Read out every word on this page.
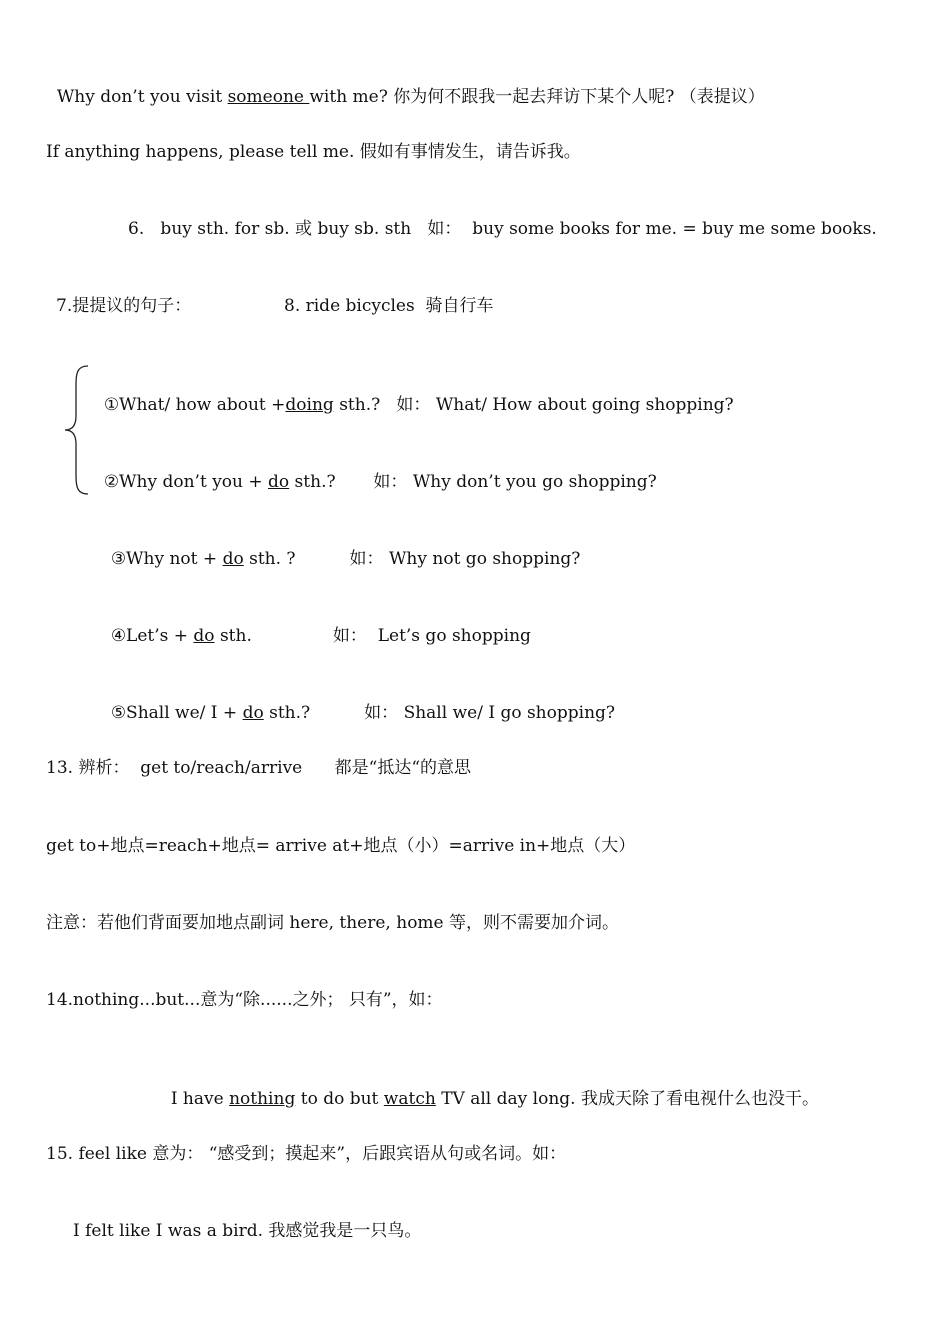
Why don’t you visit someone with me? 你为何不跟我一起去拜访下某个人呢? （表提议）

If anything happens, please tell me. 假如有事情发生，请告诉我。
6.   buy sth. for sb. 或 buy sb. sth   如：  buy some books for me. = buy me some books.
7.提提议的句子：	8. ride bicycles  骑自行车

①What/ how about +doing sth.?   如： What/ How about going shopping?

②Why don’t you + do sth.?       如： Why don’t you go shopping?

③Why not + do sth. ?          如： Why not go shopping?

④Let’s + do sth.               如：  Let’s go shopping

⑤Shall we/ I + do sth.?          如： Shall we/ I go shopping?

13. 辨析：  get to/reach/arrive      都是“抵达“的意思
get to+地点=reach+地点= arrive at+地点（小）=arrive in+地点（大）
注意：若他们背面要加地点副词 here, there, home 等，则不需要加介词。
14.nothing...but...意为“除......之外； 只有”，如：

I have nothing to do but watch TV all day long. 我成天除了看电视什么也没干。

15. feel like 意为： “感受到；摸起来”，后跟宾语从句或名词。如：
I felt like I was a bird. 我感觉我是一只鸟。
